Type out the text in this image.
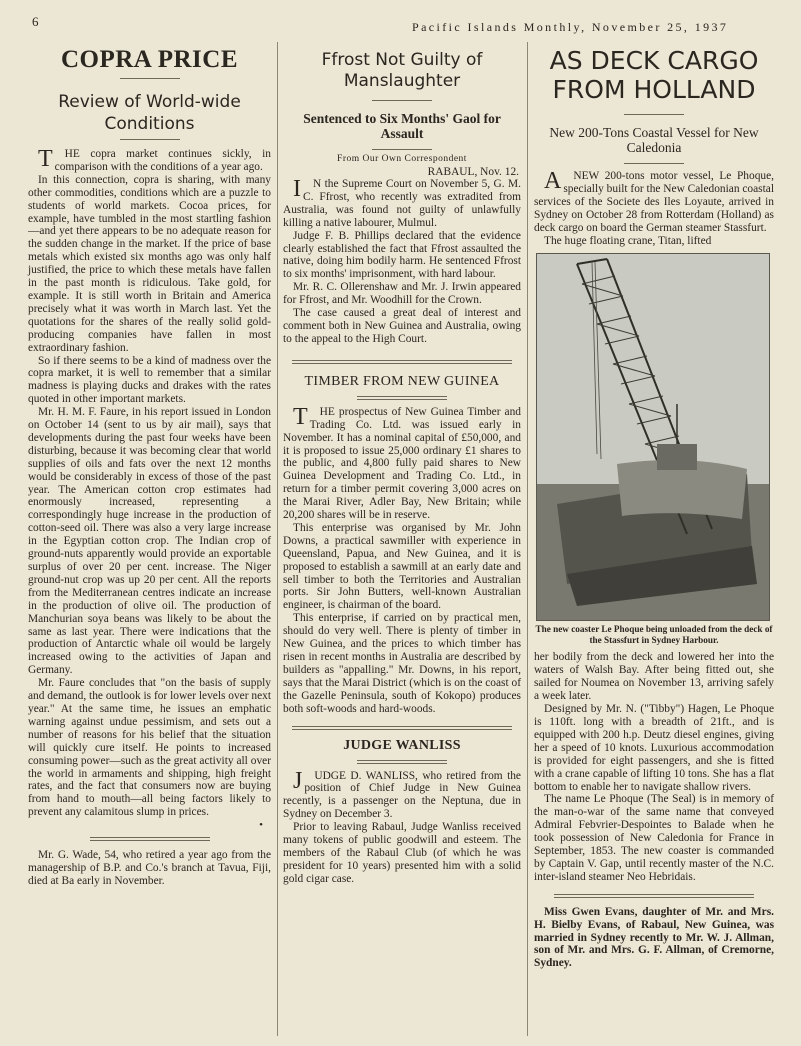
6	Pacific Islands Monthly, November 25, 1937
COPRA PRICE
Review of World-wide Conditions

THE copra market continues sickly, in comparison with the conditions of a year ago.

In this connection, copra is sharing, with many other commodities, conditions which are a puzzle to students of world markets. Cocoa prices, for example, have tumbled in the most startling fashion—and yet there appears to be no adequate reason for the sudden change in the market. If the price of base metals which existed six months ago was only half justified, the price to which these metals have fallen in the past month is ridiculous. Take gold, for example. It is still worth in Britain and America precisely what it was worth in March last. Yet the quotations for the shares of the really solid gold-producing companies have fallen in most extraordinary fashion.

So if there seems to be a kind of madness over the copra market, it is well to remember that a similar madness is playing ducks and drakes with the rates quoted in other important markets.

Mr. H. M. F. Faure, in his report issued in London on October 14 (sent to us by air mail), says that developments during the past four weeks have been disturbing, because it was becoming clear that world supplies of oils and fats over the next 12 months would be considerably in excess of those of the past year. The American cotton crop estimates had enormously increased, representing a correspondingly huge increase in the production of cotton-seed oil. There was also a very large increase in the Egyptian cotton crop. The Indian crop of ground-nuts apparently would provide an exportable surplus of over 20 per cent. increase. The Niger ground-nut crop was up 20 per cent. All the reports from the Mediterranean centres indicate an increase in the production of olive oil. The production of Manchurian soya beans was likely to be about the same as last year. There were indications that the production of Antarctic whale oil would be largely increased owing to the activities of Japan and Germany.

Mr. Faure concludes that "on the basis of supply and demand, the outlook is for lower levels over next year." At the same time, he issues an emphatic warning against undue pessimism, and sets out a number of reasons for his belief that the situation will quickly cure itself. He points to increased consuming power—such as the great activity all over the world in armaments and shipping, high freight rates, and the fact that consumers now are buying from hand to mouth—all being factors likely to prevent any calamitous slump in prices.

•

Mr. G. Wade, 54, who retired a year ago from the managership of B.P. and Co.'s branch at Tavua, Fiji, died at Ba early in November.

Ffrost Not Guilty of Manslaughter
Sentenced to Six Months' Gaol for Assault
From Our Own Correspondent
RABAUL, Nov. 12.

IN the Supreme Court on November 5, G. M. C. Ffrost, who recently was extradited from Australia, was found not guilty of unlawfully killing a native labourer, Mulmul.

Judge F. B. Phillips declared that the evidence clearly established the fact that Ffrost assaulted the native, doing him bodily harm. He sentenced Ffrost to six months' imprisonment, with hard labour.

Mr. R. C. Ollerenshaw and Mr. J. Irwin appeared for Ffrost, and Mr. Woodhill for the Crown.

The case caused a great deal of interest and comment both in New Guinea and Australia, owing to the appeal to the High Court.

TIMBER FROM NEW GUINEA

THE prospectus of New Guinea Timber and Trading Co. Ltd. was issued early in November. It has a nominal capital of £50,000, and it is proposed to issue 25,000 ordinary £1 shares to the public, and 4,800 fully paid shares to New Guinea Development and Trading Co. Ltd., in return for a timber permit covering 3,000 acres on the Marai River, Adler Bay, New Britain; while 20,200 shares will be in reserve.

This enterprise was organised by Mr. John Downs, a practical sawmiller with experience in Queensland, Papua, and New Guinea, and it is proposed to establish a sawmill at an early date and sell timber to both the Territories and Australian ports. Sir John Butters, well-known Australian engineer, is chairman of the board.

This enterprise, if carried on by practical men, should do very well. There is plenty of timber in New Guinea, and the prices to which timber has risen in recent months in Australia are described by builders as "appalling." Mr. Downs, in his report, says that the Marai District (which is on the coast of the Gazelle Peninsula, south of Kokopo) produces both soft-woods and hard-woods.

JUDGE WANLISS

JUDGE D. WANLISS, who retired from the position of Chief Judge in New Guinea recently, is a passenger on the Neptuna, due in Sydney on December 3.

Prior to leaving Rabaul, Judge Wanliss received many tokens of public goodwill and esteem. The members of the Rabaul Club (of which he was president for 10 years) presented him with a solid gold cigar case.

AS DECK CARGO FROM HOLLAND
New 200-Tons Coastal Vessel for New Caledonia

ANEW 200-tons motor vessel, Le Phoque, specially built for the New Caledonian coastal services of the Societe des Iles Loyaute, arrived in Sydney on October 28 from Rotterdam (Holland) as deck cargo on board the German steamer Stassfurt.

The huge floating crane, Titan, lifted

The new coaster Le Phoque being unloaded from the deck of the Stassfurt in Sydney Harbour.

her bodily from the deck and lowered her into the waters of Walsh Bay. After being fitted out, she sailed for Noumea on November 13, arriving safely a week later.

Designed by Mr. N. ("Tibby") Hagen, Le Phoque is 110ft. long with a breadth of 21ft., and is equipped with 200 h.p. Deutz diesel engines, giving her a speed of 10 knots. Luxurious accommodation is provided for eight passengers, and she is fitted with a crane capable of lifting 10 tons. She has a flat bottom to enable her to navigate shallow rivers.

The name Le Phoque (The Seal) is in memory of the man-o-war of the same name that conveyed Admiral Febvrier-Despointes to Balade when he took possession of New Caledonia for France in September, 1853. The new coaster is commanded by Captain V. Gap, until recently master of the N.C. inter-island steamer Neo Hebridais.

Miss Gwen Evans, daughter of Mr. and Mrs. H. Bielby Evans, of Rabaul, New Guinea, was married in Sydney recently to Mr. W. J. Allman, son of Mr. and Mrs. G. F. Allman, of Cremorne, Sydney.
